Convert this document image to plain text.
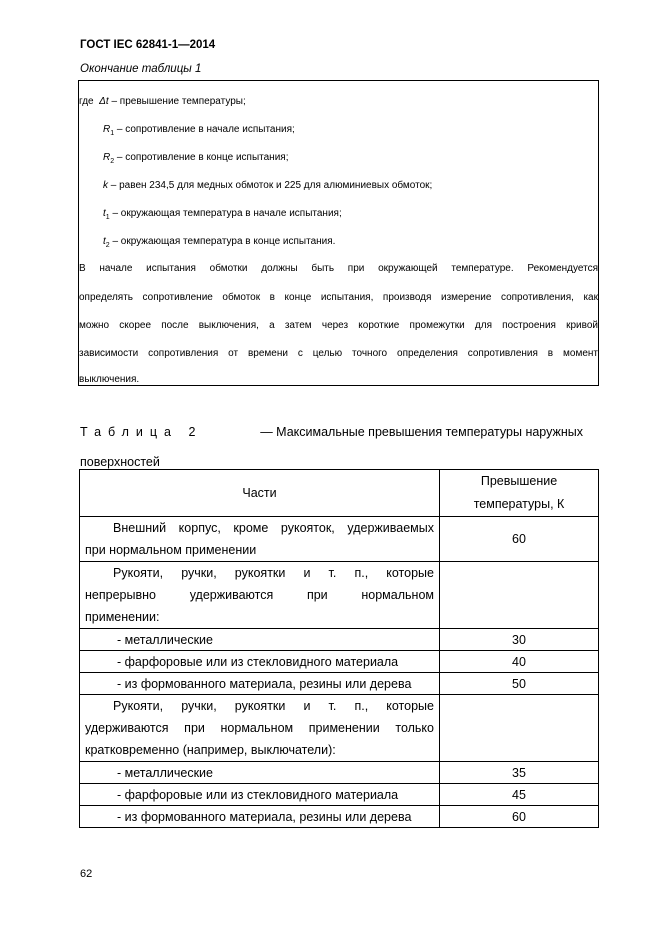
ГОСТ IEC 62841-1—2014
Окончание таблицы 1
где Δt – превышение температуры;
$R_1$ – сопротивление в начале испытания;
$R_2$ – сопротивление в конце испытания;
k – равен 234,5 для медных обмоток и 225 для алюминиевых обмоток;
$t_1$ – окружающая температура в начале испытания;
$t_2$ – окружающая температура в конце испытания.
В начале испытания обмотки должны быть при окружающей температуре. Рекомендуется
определять сопротивление обмоток в конце испытания, производя измерение сопротивления, как
можно скорее после выключения, а затем через короткие промежутки для построения кривой
зависимости сопротивления от времени с целью точного определения сопротивления в момент
выключения.
Таблица 2	— Максимальные превышения температуры наружных
поверхностей
Части	Превышение
температуры, К

Внешний корпус, кроме рукояток, удерживаемых
при нормальном применении	60

Рукояти, ручки, рукоятки и т. п., которые
непрерывно удерживаются при нормальном
применении:	

- металлические	30
- фарфоровые или из стекловидного материала	40
- из формованного материала, резины или дерева	50

Рукояти, ручки, рукоятки и т. п., которые
удерживаются при нормальном применении только
кратковременно (например, выключатели):	

- металлические	35
- фарфоровые или из стекловидного материала	45
- из формованного материала, резины или дерева	60
62
